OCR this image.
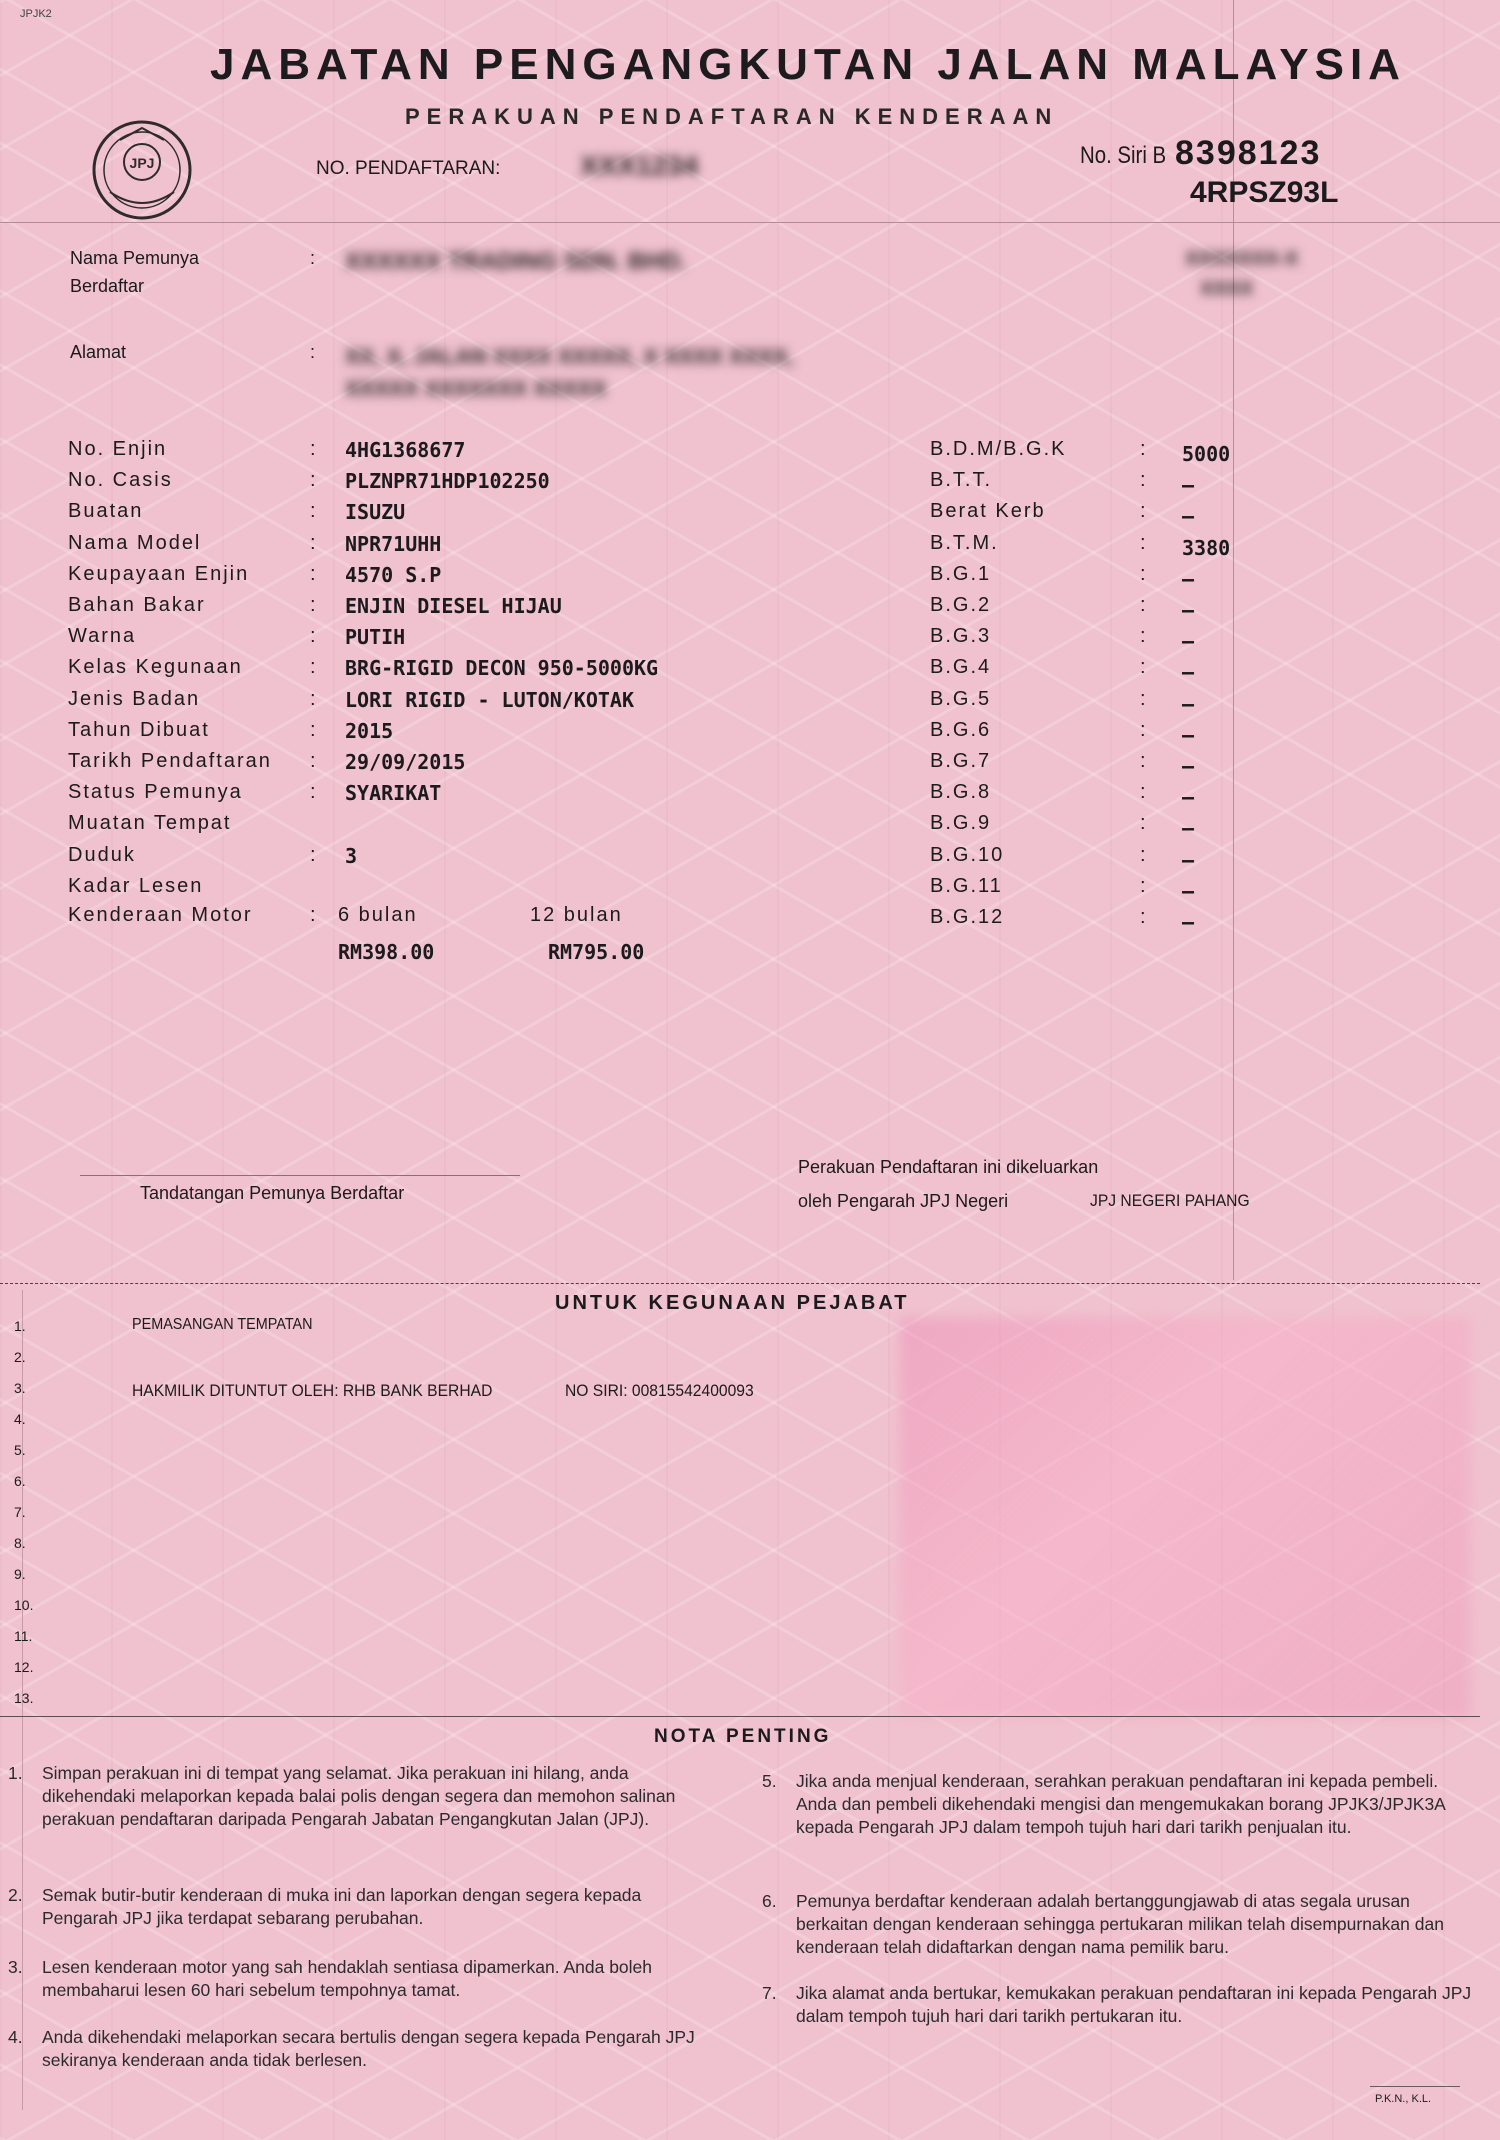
JPJK2
JPJ
JABATAN PENGANGKUTAN JALAN MALAYSIA
PERAKUAN PENDAFTARAN KENDERAAN
NO. PENDAFTARAN:	XXX1234	No. Siri B 8398123
4RPSZ93L
Nama Pemunya
Berdaftar
: XXXXXX TRADING SDN. BHD.	XXXXXXX-X
XXXX
Alamat	: XX, X, JALAN XXXX XXXXX, X XXXX XXXX,
XXXXX XXXXXXX XXXXX
Kenderaan Motor	: 6 bulan	12 bulan
RM398.00	RM795.00
Tandatangan Pemunya Berdaftar
Perakuan Pendaftaran ini dikeluarkan
oleh Pengarah JPJ Negeri	JPJ NEGERI PAHANG
UNTUK KEGUNAAN PEJABAT
PEMASANGAN TEMPATAN
HAKMILIK DITUNTUT OLEH: RHB BANK BERHAD	NO SIRI: 00815542400093
NOTA PENTING
P.K.N., K.L.
No. Enjin	: 4HG1368677
No. Casis	: PLZNPR71HDP102250
Buatan	: ISUZU
Nama Model	: NPR71UHH
Keupayaan Enjin	: 4570 S.P
Bahan Bakar	: ENJIN DIESEL HIJAU
Warna	: PUTIH
Kelas Kegunaan	: BRG-RIGID DECON 950-5000KG
Jenis Badan	: LORI RIGID - LUTON/KOTAK
Tahun Dibuat	: 2015
Tarikh Pendaftaran : 29/09/2015
Status Pemunya	: SYARIKAT
Muatan Tempat
Duduk	: 3
Kadar Lesen
B.D.M/B.G.K	: 5000
B.T.T.	: –
Berat Kerb	: –
B.T.M.	: 3380
B.G.1	: –
B.G.2	: –
B.G.3	: –
B.G.4	: –
B.G.5	: –
B.G.6	: –
B.G.7	: –
B.G.8	: –
B.G.9	: –
B.G.10	: –
B.G.11	: –
B.G.12	: –
1.
2.
3.
4.
5.
6.
7.
8.
9.
10.
11.
12.
13.
1. Simpan perakuan ini di tempat yang selamat. Jika perakuan ini hilang, anda dikehendaki melaporkan kepada balai polis dengan segera dan memohon salinan perakuan pendaftaran daripada Pengarah Jabatan Pengangkutan Jalan (JPJ).
2. Semak butir-butir kenderaan di muka ini dan laporkan dengan segera kepada Pengarah JPJ jika terdapat sebarang perubahan.
3. Lesen kenderaan motor yang sah hendaklah sentiasa dipamerkan. Anda boleh membaharui lesen 60 hari sebelum tempohnya tamat.
4. Anda dikehendaki melaporkan secara bertulis dengan segera kepada Pengarah JPJ sekiranya kenderaan anda tidak berlesen.
5. Jika anda menjual kenderaan, serahkan perakuan pendaftaran ini kepada pembeli. Anda dan pembeli dikehendaki mengisi dan mengemukakan borang JPJK3/JPJK3A kepada Pengarah JPJ dalam tempoh tujuh hari dari tarikh penjualan itu.
6. Pemunya berdaftar kenderaan adalah bertanggungjawab di atas segala urusan berkaitan dengan kenderaan sehingga pertukaran milikan telah disempurnakan dan kenderaan telah didaftarkan dengan nama pemilik baru.
7. Jika alamat anda bertukar, kemukakan perakuan pendaftaran ini kepada Pengarah JPJ dalam tempoh tujuh hari dari tarikh pertukaran itu.
